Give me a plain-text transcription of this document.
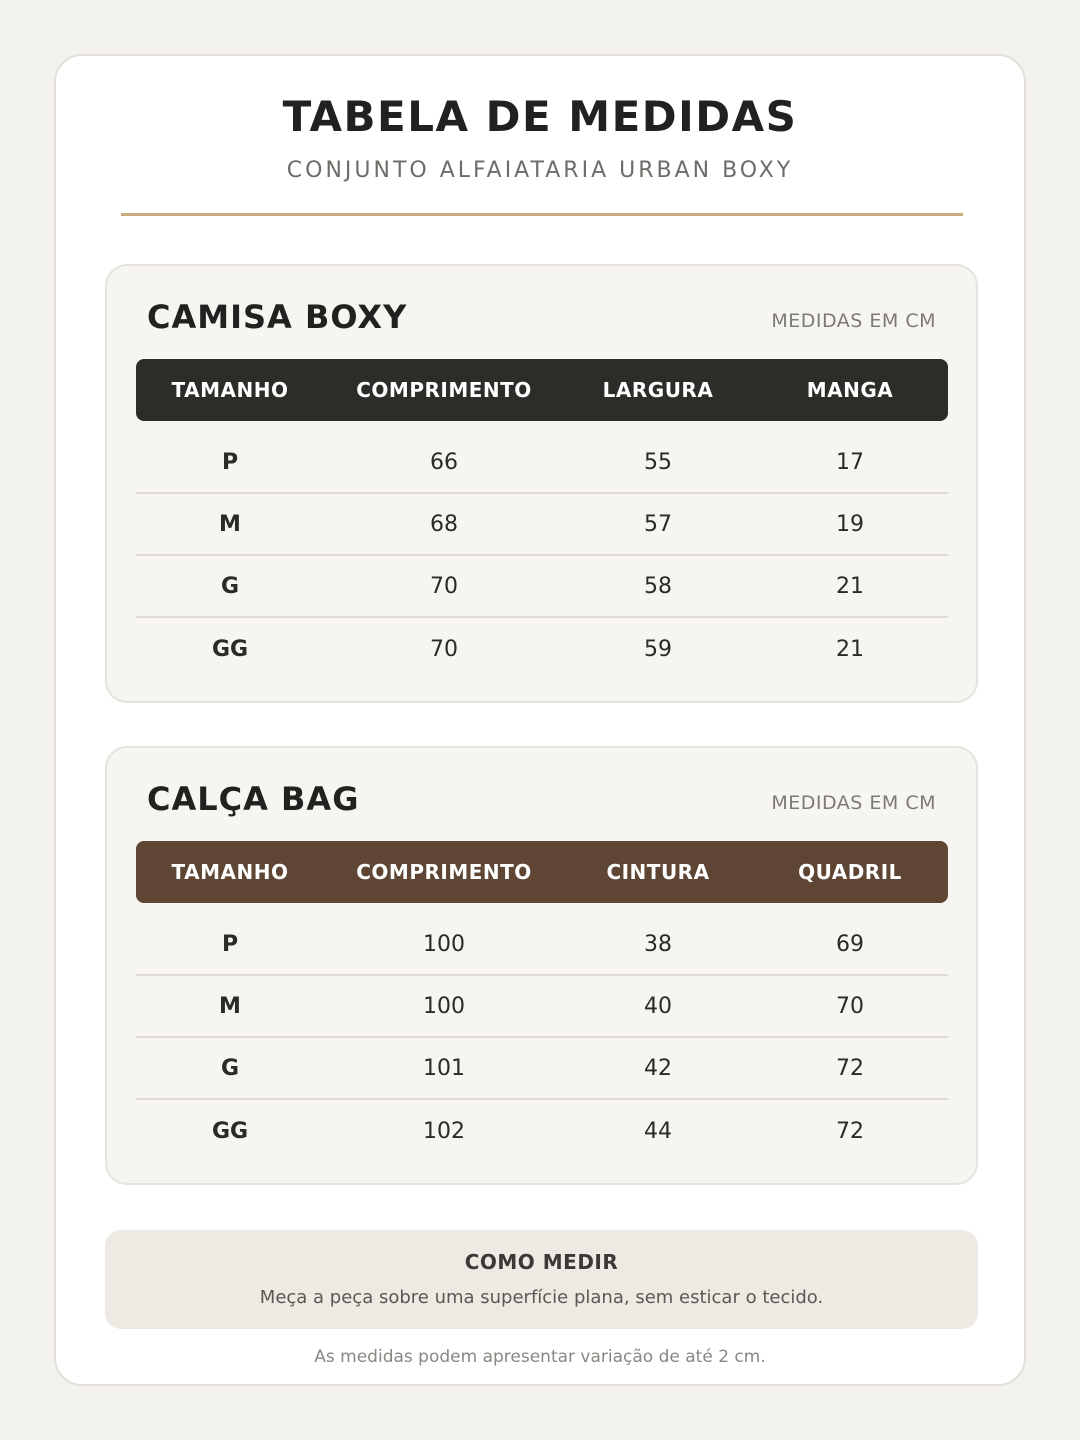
TABELA DE MEDIDAS
CONJUNTO ALFAIATARIA URBAN BOXY
CAMISA BOXY	MEDIDAS EM CM
TAMANHO	COMPRIMENTO	LARGURA	MANGA
P	66	55	17
M	68	57	19
G	70	58	21
GG	70	59	21
CALÇA BAG	MEDIDAS EM CM
TAMANHO	COMPRIMENTO	CINTURA	QUADRIL
P	100	38	69
M	100	40	70
G	101	42	72
GG	102	44	72
COMO MEDIR
Meça a peça sobre uma superfície plana, sem esticar o tecido.
As medidas podem apresentar variação de até 2 cm.
